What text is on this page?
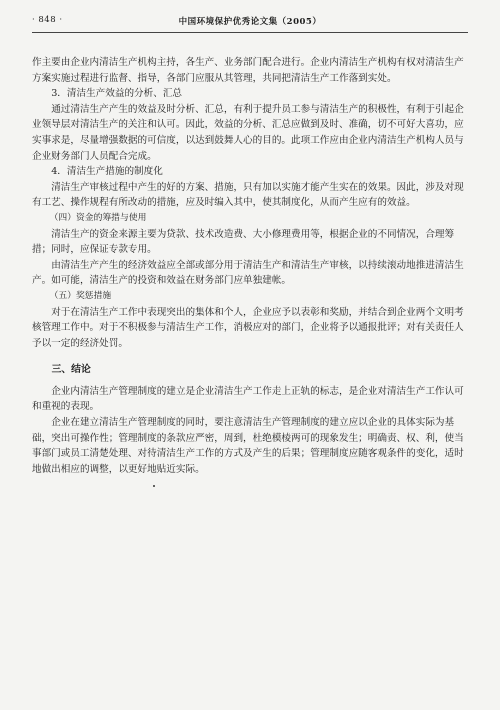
· 848 ·	中国环境保护优秀论文集（2005）

作主要由企业内清洁生产机构主持，各生产、业务部门配合进行。企业内清洁生产机构有权对清洁生产方案实施过程进行监督、指导，各部门应服从其管理，共同把清洁生产工作落到实处。

3．清洁生产效益的分析、汇总

通过清洁生产产生的效益及时分析、汇总，有利于提升员工参与清洁生产的积极性，有利于引起企业领导层对清洁生产的关注和认可。因此，效益的分析、汇总应做到及时、准确，切不可好大喜功，应实事求是，尽量增强数据的可信度，以达到鼓舞人心的目的。此项工作应由企业内清洁生产机构人员与企业财务部门人员配合完成。

4．清洁生产措施的制度化

清洁生产审核过程中产生的好的方案、措施，只有加以实施才能产生实在的效果。因此，涉及对现有工艺、操作规程有所改动的措施，应及时编入其中，使其制度化，从而产生应有的效益。

（四）资金的筹措与使用

清洁生产的资金来源主要为贷款、技术改造费、大小修理费用等，根据企业的不同情况，合理筹措；同时，应保证专款专用。

由清洁生产产生的经济效益应全部或部分用于清洁生产和清洁生产审核，以持续滚动地推进清洁生产。如可能，清洁生产的投资和效益在财务部门应单独建帐。

（五）奖惩措施

对于在清洁生产工作中表现突出的集体和个人，企业应予以表彰和奖励，并结合到企业两个文明考核管理工作中。对于不积极参与清洁生产工作，消极应对的部门，企业将予以通报批评；对有关责任人予以一定的经济处罚。

三、结论

企业内清洁生产管理制度的建立是企业清洁生产工作走上正轨的标志，是企业对清洁生产工作认可和重视的表现。

企业在建立清洁生产管理制度的同时，要注意清洁生产管理制度的建立应以企业的具体实际为基础，突出可操作性；管理制度的条款应严密，周到，杜绝模棱两可的现象发生；明确责、权、利，使当事部门或员工清楚处理、对待清洁生产工作的方式及产生的后果；管理制度应随客观条件的变化，适时地做出相应的调整，以更好地贴近实际。
